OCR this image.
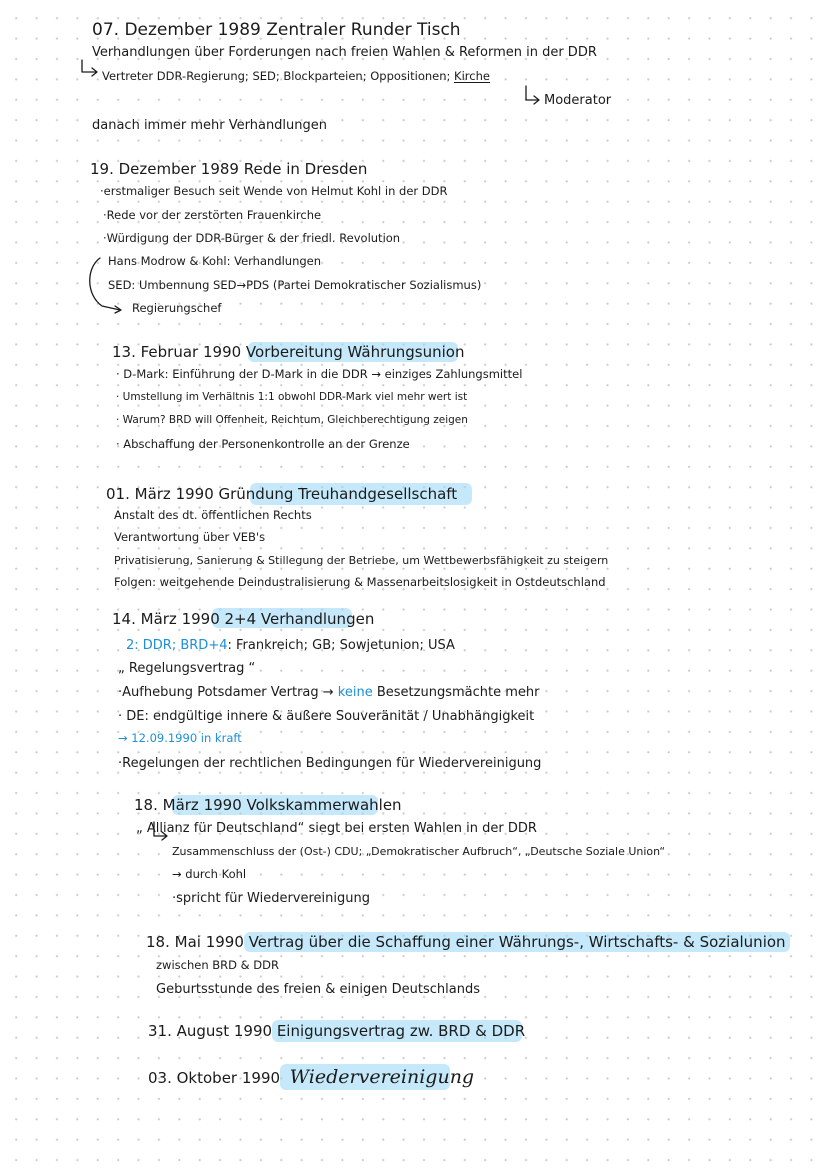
07. Dezember 1989 Zentraler Runder Tisch
Verhandlungen über Forderungen nach freien Wahlen & Reformen in der DDR
Vertreter DDR-Regierung; SED; Blockparteien; Oppositionen; Kirche
Moderator
danach immer mehr Verhandlungen
19. Dezember 1989 Rede in Dresden
·erstmaliger Besuch seit Wende von Helmut Kohl in der DDR
·Rede vor der zerstörten Frauenkirche
·Würdigung der DDR-Bürger & der friedl. Revolution
Hans Modrow & Kohl: Verhandlungen
SED: Umbennung SED→PDS (Partei Demokratischer Sozialismus)
Regierungschef
13. Februar 1990 Vorbereitung Währungsunion
· D-Mark: Einführung der D-Mark in die DDR → einziges Zahlungsmittel
· Umstellung im Verhältnis 1:1 obwohl DDR-Mark viel mehr wert ist
· Warum? BRD will Offenheit, Reichtum, Gleichberechtigung zeigen
· Abschaffung der Personenkontrolle an der Grenze
01. März 1990 Gründung Treuhandgesellschaft
Anstalt des dt. öffentlichen Rechts
Verantwortung über VEB's
Privatisierung, Sanierung & Stillegung der Betriebe, um Wettbewerbsfähigkeit zu steigern
Folgen: weitgehende Deindustralisierung & Massenarbeitslosigkeit in Ostdeutschland
14. März 1990 2+4 Verhandlungen
2: DDR; BRD+4: Frankreich; GB; Sowjetunion; USA
„ Regelungsvertrag “
·Aufhebung Potsdamer Vertrag → keine Besetzungsmächte mehr
· DE: endgültige innere & äußere Souveränität / Unabhängigkeit
→ 12.09.1990 in kraft
·Regelungen der rechtlichen Bedingungen für Wiedervereinigung
18. März 1990 Volkskammerwahlen
„ Allianz für Deutschland“ siegt bei ersten Wahlen in der DDR
Zusammenschluss der (Ost-) CDU; „Demokratischer Aufbruch“, „Deutsche Soziale Union“
→ durch Kohl
·spricht für Wiedervereinigung
18. Mai 1990 Vertrag über die Schaffung einer Währungs-, Wirtschafts- & Sozialunion
zwischen BRD & DDR
Geburtsstunde des freien & einigen Deutschlands
31. August 1990 Einigungsvertrag zw. BRD & DDR
03. Oktober 1990 Wiedervereinigung
